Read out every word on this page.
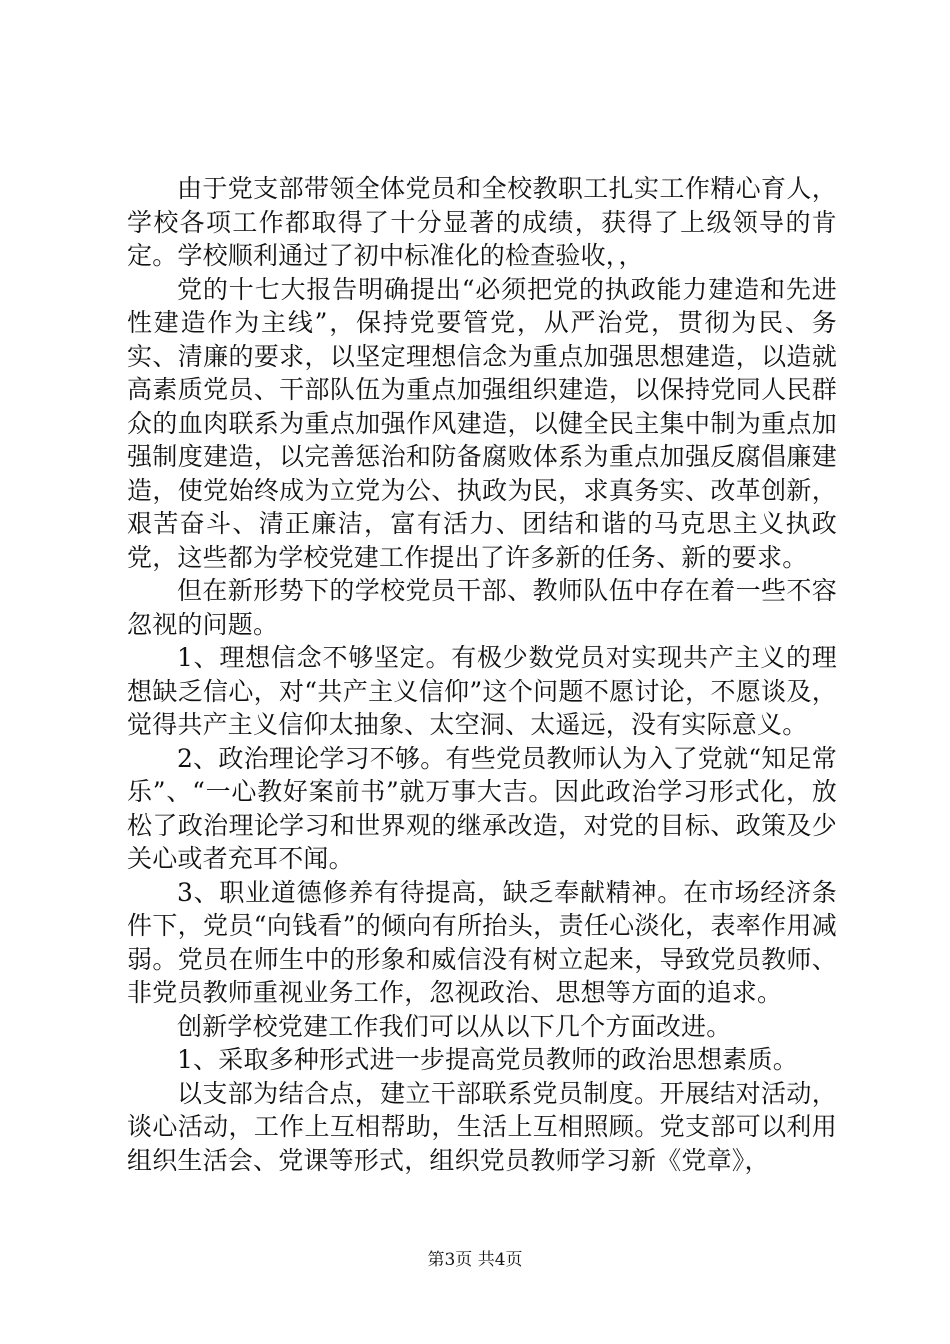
由于党支部带领全体党员和全校教职工扎实工作精心育人，学校各项工作都取得了十分显著的成绩，获得了上级领导的肯定。学校顺利通过了初中标准化的检查验收，，

党的十七大报告明确提出“必须把党的执政能力建造和先进性建造作为主线”，保持党要管党，从严治党，贯彻为民、务实、清廉的要求，以坚定理想信念为重点加强思想建造，以造就高素质党员、干部队伍为重点加强组织建造，以保持党同人民群众的血肉联系为重点加强作风建造，以健全民主集中制为重点加强制度建造，以完善惩治和防备腐败体系为重点加强反腐倡廉建造，使党始终成为立党为公、执政为民，求真务实、改革创新，艰苦奋斗、清正廉洁，富有活力、团结和谐的马克思主义执政党，这些都为学校党建工作提出了许多新的任务、新的要求。

但在新形势下的学校党员干部、教师队伍中存在着一些不容忽视的问题。

1、理想信念不够坚定。有极少数党员对实现共产主义的理想缺乏信心，对“共产主义信仰”这个问题不愿讨论，不愿谈及，觉得共产主义信仰太抽象、太空洞、太遥远，没有实际意义。

2、政治理论学习不够。有些党员教师认为入了党就“知足常乐”、“一心教好案前书”就万事大吉。因此政治学习形式化，放松了政治理论学习和世界观的继承改造，对党的目标、政策及少关心或者充耳不闻。

3、职业道德修养有待提高，缺乏奉献精神。在市场经济条件下，党员“向钱看”的倾向有所抬头，责任心淡化，表率作用减弱。党员在师生中的形象和威信没有树立起来，导致党员教师、非党员教师重视业务工作，忽视政治、思想等方面的追求。

创新学校党建工作我们可以从以下几个方面改进。

1、采取多种形式进一步提高党员教师的政治思想素质。

以支部为结合点，建立干部联系党员制度。开展结对活动，谈心活动，工作上互相帮助，生活上互相照顾。党支部可以利用组织生活会、党课等形式，组织党员教师学习新《党章》，

第3页 共4页
